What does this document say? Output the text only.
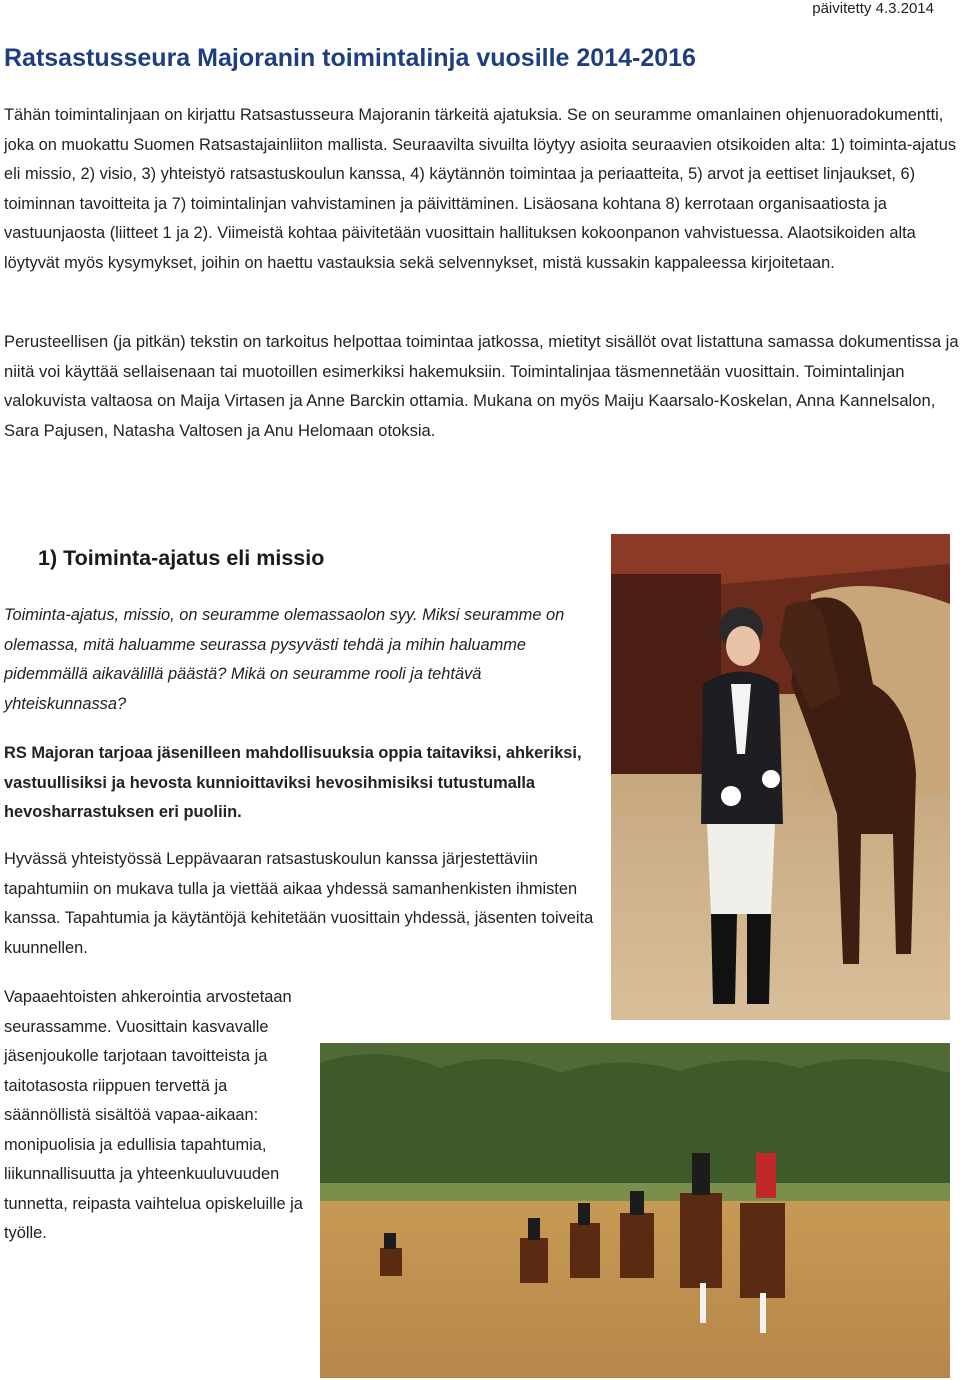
päivitetty 4.3.2014
Ratsastusseura Majoranin toimintalinja vuosille 2014-2016

Tähän toimintalinjaan on kirjattu Ratsastusseura Majoranin tärkeitä ajatuksia. Se on seuramme omanlainen ohjenuoradokumentti, joka on muokattu Suomen Ratsastajainliiton mallista. Seuraavilta sivuilta löytyy asioita seuraavien otsikoiden alta: 1) toiminta-ajatus eli missio, 2) visio, 3) yhteistyö ratsastuskoulun kanssa, 4) käytännön toimintaa ja periaatteita, 5) arvot ja eettiset linjaukset, 6) toiminnan tavoitteita ja 7) toimintalinjan vahvistaminen ja päivittäminen. Lisäosana kohtana 8) kerrotaan organisaatiosta ja vastuunjaosta (liitteet 1 ja 2). Viimeistä kohtaa päivitetään vuosittain hallituksen kokoonpanon vahvistuessa. Alaotsikoiden alta löytyvät myös kysymykset, joihin on haettu vastauksia sekä selvennykset, mistä kussakin kappaleessa kirjoitetaan.

Perusteellisen (ja pitkän) tekstin on tarkoitus helpottaa toimintaa jatkossa, mietityt sisällöt ovat listattuna samassa dokumentissa ja niitä voi käyttää sellaisenaan tai muotoillen esimerkiksi hakemuksiin. Toimintalinjaa täsmennetään vuosittain. Toimintalinjan valokuvista valtaosa on Maija Virtasen ja Anne Barckin ottamia. Mukana on myös Maiju Kaarsalo-Koskelan, Anna Kannelsalon, Sara Pajusen, Natasha Valtosen ja Anu Helomaan otoksia.

1) Toiminta-ajatus eli missio

Toiminta-ajatus, missio, on seuramme olemassaolon syy. Miksi seuramme on olemassa, mitä haluamme seurassa pysyvästi tehdä ja mihin haluamme pidemmällä aikavälillä päästä? Mikä on seuramme rooli ja tehtävä yhteiskunnassa?

RS Majoran tarjoaa jäsenilleen mahdollisuuksia oppia taitaviksi, ahkeriksi, vastuullisiksi ja hevosta kunnioittaviksi hevosihmisiksi tutustumalla hevosharrastuksen eri puoliin.

Hyvässä yhteistyössä Leppävaaran ratsastuskoulun kanssa järjestettäviin tapahtumiin on mukava tulla ja viettää aikaa yhdessä samanhenkisten ihmisten kanssa. Tapahtumia ja käytäntöjä kehitetään vuosittain yhdessä, jäsenten toiveita kuunnellen.

Vapaaehtoisten ahkerointia arvostetaan seurassamme. Vuosittain kasvavalle jäsenjoukolle tarjotaan tavoitteista ja taitotasosta riippuen tervettä ja säännöllistä sisältöä vapaa-aikaan: monipuolisia ja edullisia tapahtumia, liikunnallisuutta ja yhteenkuuluvuuden tunnetta, reipasta vaihtelua opiskeluille ja työlle.
